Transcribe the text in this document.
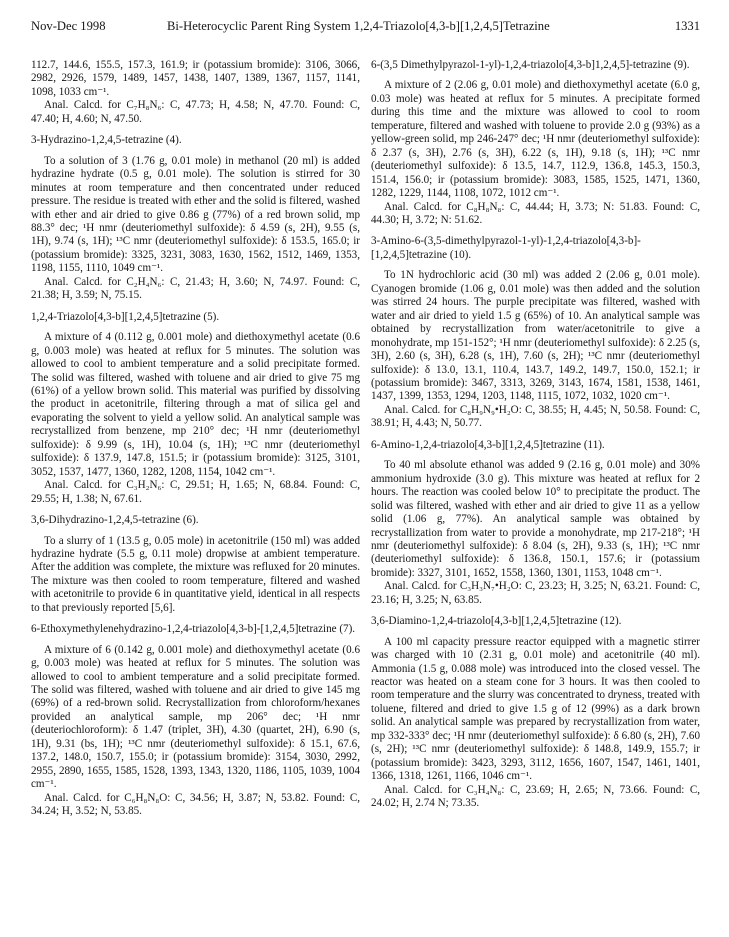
Nov-Dec 1998	Bi-Heterocyclic Parent Ring System 1,2,4-Triazolo[4,3-b][1,2,4,5]Tetrazine	1331

112.7, 144.6, 155.5, 157.3, 161.9; ir (potassium bromide): 3106, 3066, 2982, 2926, 1579, 1489, 1457, 1438, 1407, 1389, 1367, 1157, 1141, 1098, 1033 cm⁻¹.

Anal. Calcd. for C₇H₈N₆: C, 47.73; H, 4.58; N, 47.70. Found: C, 47.40; H, 4.60; N, 47.50.

3-Hydrazino-1,2,4,5-tetrazine (4).

To a solution of 3 (1.76 g, 0.01 mole) in methanol (20 ml) is added hydrazine hydrate (0.5 g, 0.01 mole). The solution is stirred for 30 minutes at room temperature and then concentrated under reduced pressure. The residue is treated with ether and the solid is filtered, washed with ether and air dried to give 0.86 g (77%) of a red brown solid, mp 88.3° dec; ¹H nmr (deuteriomethyl sulfoxide): δ 4.59 (s, 2H), 9.55 (s, 1H), 9.74 (s, 1H); ¹³C nmr (deuteriomethyl sulfoxide): δ 153.5, 165.0; ir (potassium bromide): 3325, 3231, 3083, 1630, 1562, 1512, 1469, 1353, 1198, 1155, 1110, 1049 cm⁻¹.

Anal. Calcd. for C₂H₄N₆: C, 21.43; H, 3.60; N, 74.97. Found: C, 21.38; H, 3.59; N, 75.15.

1,2,4-Triazolo[4,3-b][1,2,4,5]tetrazine (5).

A mixture of 4 (0.112 g, 0.001 mole) and diethoxymethyl acetate (0.6 g, 0.003 mole) was heated at reflux for 5 minutes. The solution was allowed to cool to ambient temperature and a solid precipitate formed. The solid was filtered, washed with toluene and air dried to give 75 mg (61%) of a yellow brown solid. This material was purified by dissolving the product in acetonitrile, filtering through a mat of silica gel and evaporating the solvent to yield a yellow solid. An analytical sample was recrystallized from benzene, mp 210° dec; ¹H nmr (deuteriomethyl sulfoxide): δ 9.99 (s, 1H), 10.04 (s, 1H); ¹³C nmr (deuteriomethyl sulfoxide): δ 137.9, 147.8, 151.5; ir (potassium bromide): 3125, 3101, 3052, 1537, 1477, 1360, 1282, 1208, 1154, 1042 cm⁻¹.

Anal. Calcd. for C₃H₂N₆: C, 29.51; H, 1.65; N, 68.84. Found: C, 29.55; H, 1.38; N, 67.61.

3,6-Dihydrazino-1,2,4,5-tetrazine (6).

To a slurry of 1 (13.5 g, 0.05 mole) in acetonitrile (150 ml) was added hydrazine hydrate (5.5 g, 0.11 mole) dropwise at ambient temperature. After the addition was complete, the mixture was refluxed for 20 minutes. The mixture was then cooled to room temperature, filtered and washed with acetonitrile to provide 6 in quantitative yield, identical in all respects to that previously reported [5,6].

6-Ethoxymethylenehydrazino-1,2,4-triazolo[4,3-b]-[1,2,4,5]tetrazine (7).

A mixture of 6 (0.142 g, 0.001 mole) and diethoxymethyl acetate (0.6 g, 0.003 mole) was heated at reflux for 5 minutes. The solution was allowed to cool to ambient temperature and a solid precipitate formed. The solid was filtered, washed with toluene and air dried to give 145 mg (69%) of a red-brown solid. Recrystallization from chloroform/hexanes provided an analytical sample, mp 206° dec; ¹H nmr (deuteriochloroform): δ 1.47 (triplet, 3H), 4.30 (quartet, 2H), 6.90 (s, 1H), 9.31 (bs, 1H); ¹³C nmr (deuteriomethyl sulfoxide): δ 15.1, 67.6, 137.2, 148.0, 150.7, 155.0; ir (potassium bromide): 3154, 3030, 2992, 2955, 2890, 1655, 1585, 1528, 1393, 1343, 1320, 1186, 1105, 1039, 1004 cm⁻¹.

Anal. Calcd. for C₆H₈N₈O: C, 34.56; H, 3.87; N, 53.82. Found: C, 34.24; H, 3.52; N, 53.85.

6-(3,5 Dimethylpyrazol-1-yl)-1,2,4-triazolo[4,3-b]1,2,4,5]-tetrazine (9).

A mixture of 2 (2.06 g, 0.01 mole) and diethoxymethyl acetate (6.0 g, 0.03 mole) was heated at reflux for 5 minutes. A precipitate formed during this time and the mixture was allowed to cool to room temperature, filtered and washed with toluene to provide 2.0 g (93%) as a yellow-green solid, mp 246-247° dec; ¹H nmr (deuteriomethyl sulfoxide): δ 2.37 (s, 3H), 2.76 (s, 3H), 6.22 (s, 1H), 9.18 (s, 1H); ¹³C nmr (deuteriomethyl sulfoxide): δ 13.5, 14.7, 112.9, 136.8, 145.3, 150.3, 151.4, 156.0; ir (potassium bromide): 3083, 1585, 1525, 1471, 1360, 1282, 1229, 1144, 1108, 1072, 1012 cm⁻¹.

Anal. Calcd. for C₈H₈N₈: C, 44.44; H, 3.73; N: 51.83. Found: C, 44.30; H, 3.72; N: 51.62.

3-Amino-6-(3,5-dimethylpyrazol-1-yl)-1,2,4-triazolo[4,3-b]-[1,2,4,5]tetrazine (10).

To 1N hydrochloric acid (30 ml) was added 2 (2.06 g, 0.01 mole). Cyanogen bromide (1.06 g, 0.01 mole) was then added and the solution was stirred 24 hours. The purple precipitate was filtered, washed with water and air dried to yield 1.5 g (65%) of 10. An analytical sample was obtained by recrystallization from water/acetonitrile to give a monohydrate, mp 151-152°; ¹H nmr (deuteriomethyl sulfoxide): δ 2.25 (s, 3H), 2.60 (s, 3H), 6.28 (s, 1H), 7.60 (s, 2H); ¹³C nmr (deuteriomethyl sulfoxide): δ 13.0, 13.1, 110.4, 143.7, 149.2, 149.7, 150.0, 152.1; ir (potassium bromide): 3467, 3313, 3269, 3143, 1674, 1581, 1538, 1461, 1437, 1399, 1353, 1294, 1203, 1148, 1115, 1072, 1032, 1020 cm⁻¹.

Anal. Calcd. for C₈H₉N₉•H₂O: C, 38.55; H, 4.45; N, 50.58. Found: C, 38.91; H, 4.43; N, 50.77.

6-Amino-1,2,4-triazolo[4,3-b][1,2,4,5]tetrazine (11).

To 40 ml absolute ethanol was added 9 (2.16 g, 0.01 mole) and 30% ammonium hydroxide (3.0 g). This mixture was heated at reflux for 2 hours. The reaction was cooled below 10° to precipitate the product. The solid was filtered, washed with ether and air dried to give 11 as a yellow solid (1.06 g, 77%). An analytical sample was obtained by recrystallization from water to provide a monohydrate, mp 217-218°; ¹H nmr (deuteriomethyl sulfoxide): δ 8.04 (s, 2H), 9.33 (s, 1H); ¹³C nmr (deuteriomethyl sulfoxide): δ 136.8, 150.1, 157.6; ir (potassium bromide): 3327, 3101, 1652, 1558, 1360, 1301, 1153, 1048 cm⁻¹.

Anal. Calcd. for C₃H₃N₇•H₂O: C, 23.23; H, 3.25; N, 63.21. Found: C, 23.16; H, 3.25; N, 63.85.

3,6-Diamino-1,2,4-triazolo[4,3-b][1,2,4,5]tetrazine (12).

A 100 ml capacity pressure reactor equipped with a magnetic stirrer was charged with 10 (2.31 g, 0.01 mole) and acetonitrile (40 ml). Ammonia (1.5 g, 0.088 mole) was introduced into the closed vessel. The reactor was heated on a steam cone for 3 hours. It was then cooled to room temperature and the slurry was concentrated to dryness, treated with toluene, filtered and dried to give 1.5 g of 12 (99%) as a dark brown solid. An analytical sample was prepared by recrystallization from water, mp 332-333° dec; ¹H nmr (deuteriomethyl sulfoxide): δ 6.80 (s, 2H), 7.60 (s, 2H); ¹³C nmr (deuteriomethyl sulfoxide): δ 148.8, 149.9, 155.7; ir (potassium bromide): 3423, 3293, 3112, 1656, 1607, 1547, 1461, 1401, 1366, 1318, 1261, 1166, 1046 cm⁻¹.

Anal. Calcd. for C₃H₄N₈: C, 23.69; H, 2.65; N, 73.66. Found: C, 24.02; H, 2.74 N; 73.35.
